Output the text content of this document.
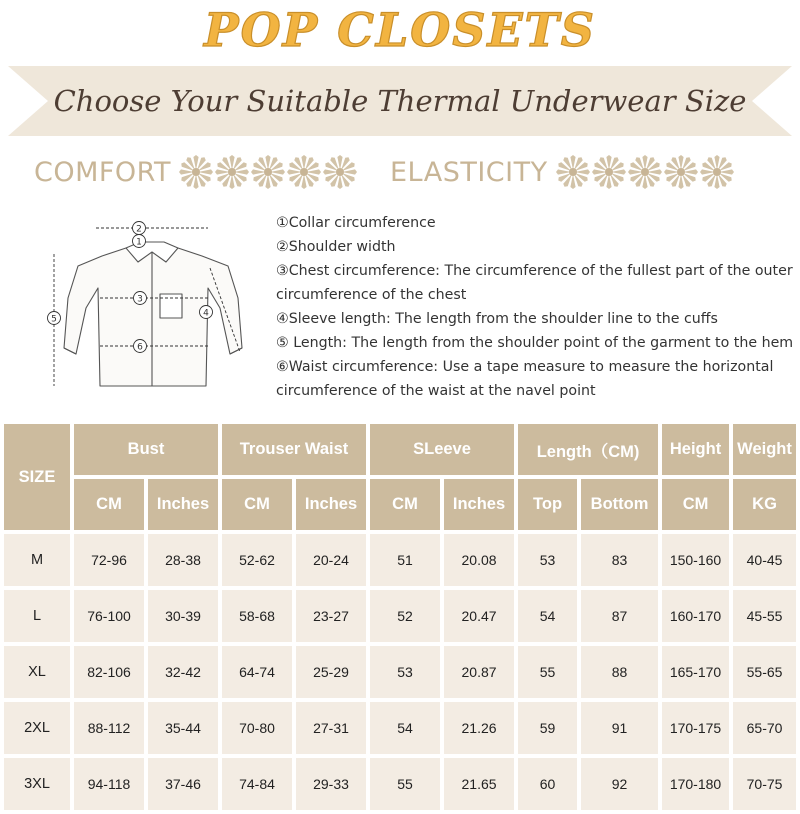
POP CLOSETS
Choose Your Suitable Thermal Underwear Size
COMFORT	ELASTICITY
2
1
3
4
5
6
①Collar circumference
②Shoulder width
③Chest circumference: The circumference of the fullest part of the outer
circumference of the chest
④Sleeve length: The length from the shoulder line to the cuffs
⑤ Length: The length from the shoulder point of the garment to the hem
⑥Waist circumference: Use a tape measure to measure the horizontal
circumference of the waist at the navel point
SIZE	Bust		Trouser Waist		SLeeve		Length（CM)		Height	Weight
	CM	Inches	CM	Inches	CM	Inches	Top	Bottom	CM	KG
M	72-96	28-38	52-62	20-24	51	20.08	53	83	150-160	40-45
L	76-100	30-39	58-68	23-27	52	20.47	54	87	160-170	45-55
XL	82-106	32-42	64-74	25-29	53	20.87	55	88	165-170	55-65
2XL	88-112	35-44	70-80	27-31	54	21.26	59	91	170-175	65-70
3XL	94-118	37-46	74-84	29-33	55	21.65	60	92	170-180	70-75
